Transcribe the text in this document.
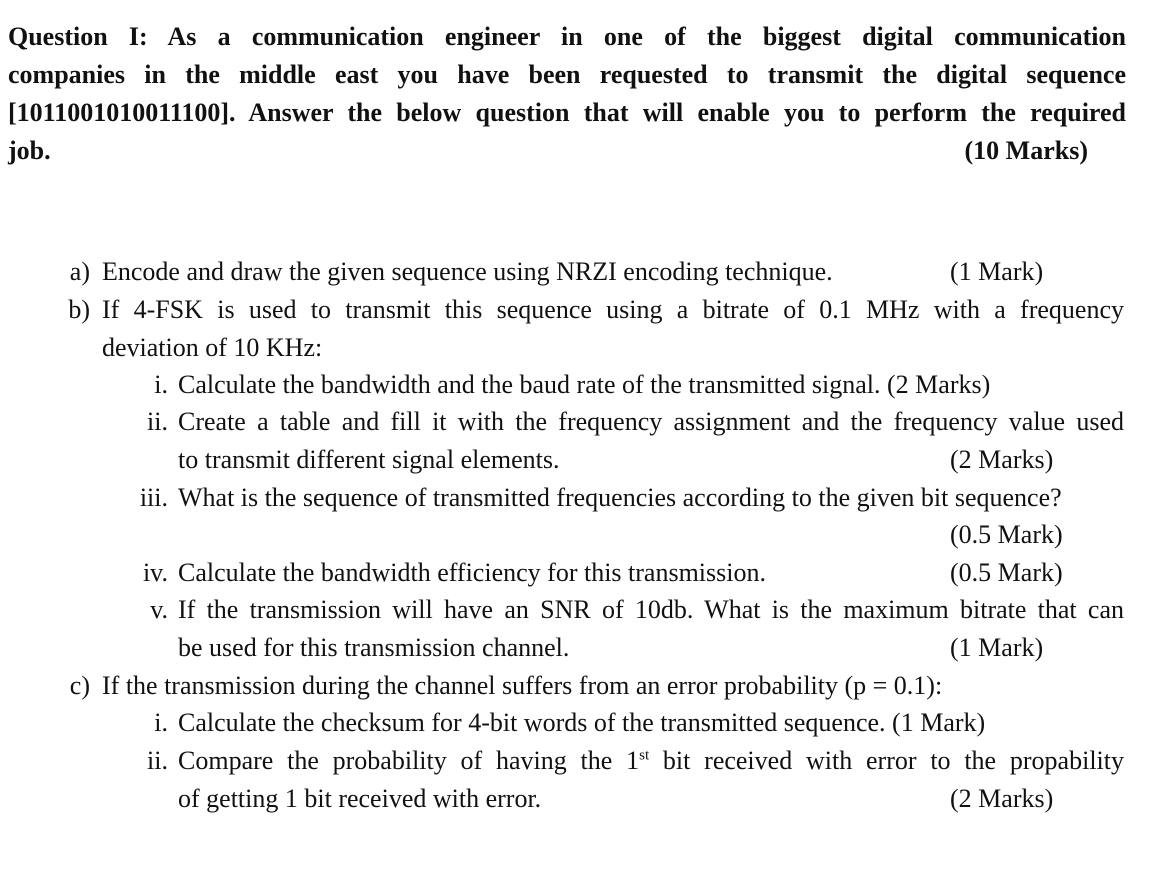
Question I: As a communication engineer in one of the biggest digital communication
companies in the middle east you have been requested to transmit the digital sequence
[1011001010011100]. Answer the below question that will enable you to perform the required
job.	(10 Marks)
a) Encode and draw the given sequence using NRZI encoding technique.	(1 Mark)
b) If 4-FSK is used to transmit this sequence using a bitrate of 0.1 MHz with a frequency
deviation of 10 KHz:
i. Calculate the bandwidth and the baud rate of the transmitted signal. (2 Marks)
ii. Create a table and fill it with the frequency assignment and the frequency value used
to transmit different signal elements.	(2 Marks)
iii. What is the sequence of transmitted frequencies according to the given bit sequence?
(0.5 Mark)
iv. Calculate the bandwidth efficiency for this transmission.	(0.5 Mark)
v. If the transmission will have an SNR of 10db. What is the maximum bitrate that can
be used for this transmission channel.	(1 Mark)
c) If the transmission during the channel suffers from an error probability (p = 0.1):
i. Calculate the checksum for 4-bit words of the transmitted sequence. (1 Mark)
ii. Compare the probability of having the 1st bit received with error to the propability
of getting 1 bit received with error.	(2 Marks)
